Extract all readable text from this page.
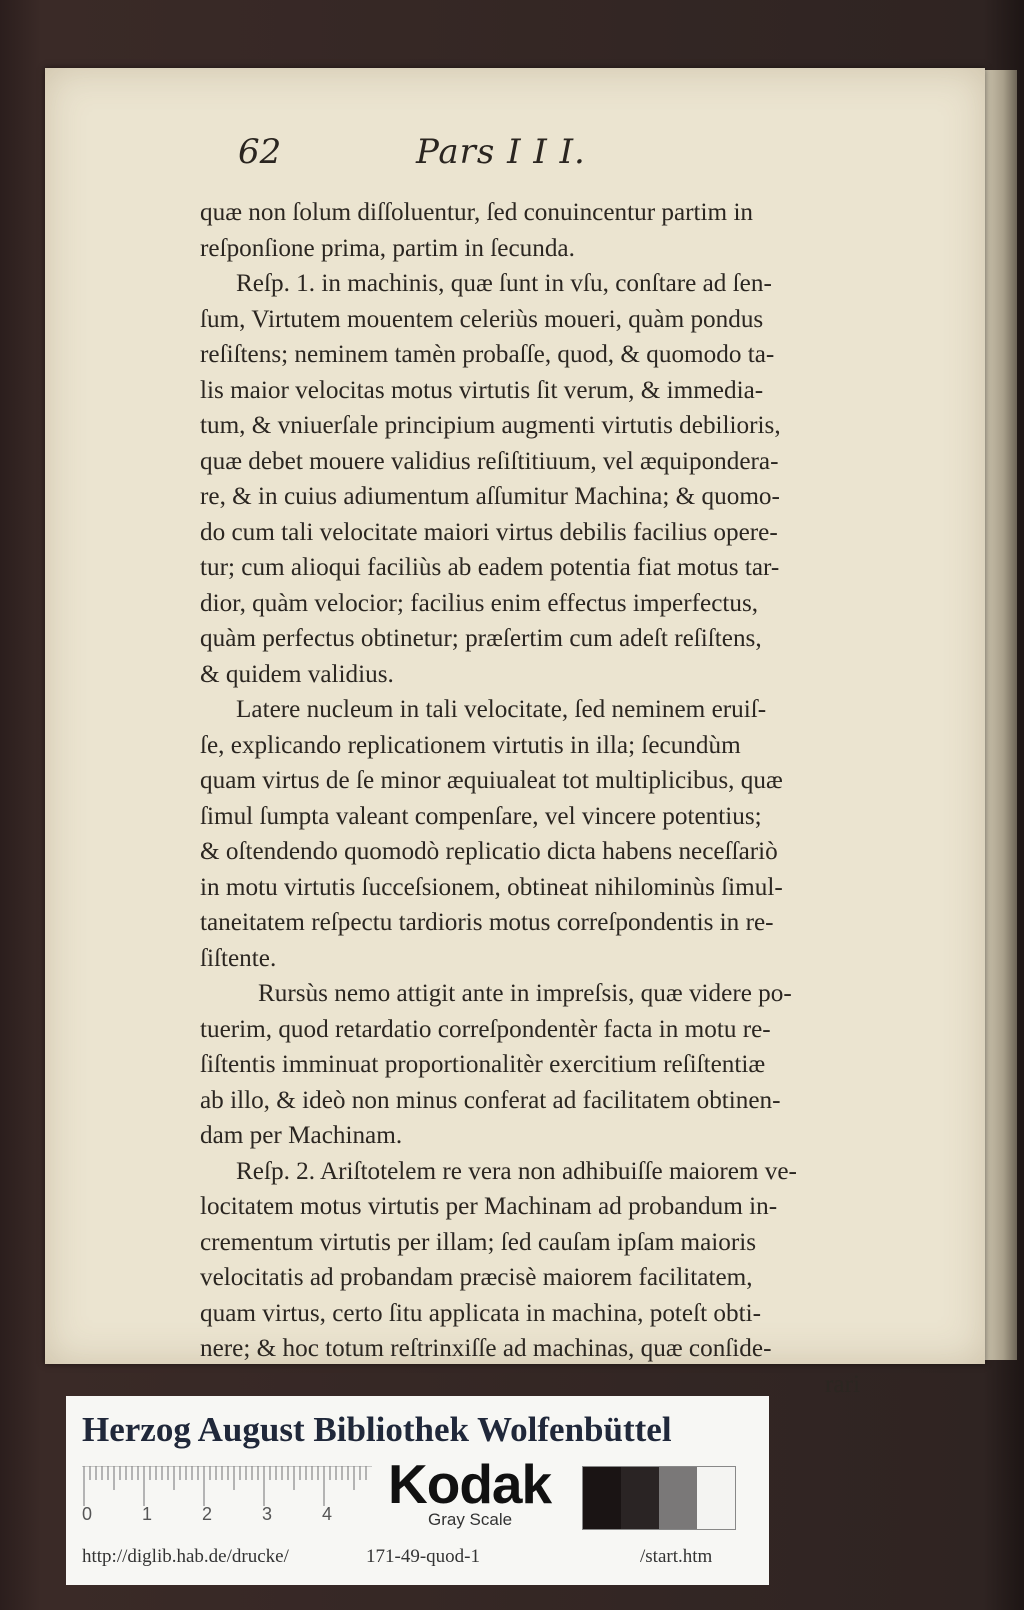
62	Pars I I I.
quæ non ſolum diſſoluentur, ſed conuincentur partim in
reſponſione prima, partim in ſecunda.
Reſp. 1. in machinis, quæ ſunt in vſu, conſtare ad ſen-
ſum, Virtutem mouentem celeriùs moueri, quàm pondus
reſiſtens; neminem tamèn probaſſe, quod, & quomodo ta-
lis maior velocitas motus virtutis ſit verum, & immedia-
tum, & vniuerſale principium augmenti virtutis debilioris,
quæ debet mouere validius reſiſtitiuum, vel æquipondera-
re, & in cuius adiumentum aſſumitur Machina; & quomo-
do cum tali velocitate maiori virtus debilis facilius opere-
tur; cum alioqui faciliùs ab eadem potentia fiat motus tar-
dior, quàm velocior; facilius enim effectus imperfectus,
quàm perfectus obtinetur; præſertim cum adeſt reſiſtens,
& quidem validius.
Latere nucleum in tali velocitate, ſed neminem eruiſ-
ſe, explicando replicationem virtutis in illa; ſecundùm
quam virtus de ſe minor æquiualeat tot multiplicibus, quæ
ſimul ſumpta valeant compenſare, vel vincere potentius;
& oſtendendo quomodò replicatio dicta habens neceſſariò
in motu virtutis ſucceſsionem, obtineat nihilominùs ſimul-
taneitatem reſpectu tardioris motus correſpondentis in re-
ſiſtente.
Rursùs nemo attigit ante in impreſsis, quæ videre po-
tuerim, quod retardatio correſpondentèr facta in motu re-
ſiſtentis imminuat proportionalitèr exercitium reſiſtentiæ
ab illo, & ideò non minus conferat ad facilitatem obtinen-
dam per Machinam.
Reſp. 2. Ariſtotelem re vera non adhibuiſſe maiorem ve-
locitatem motus virtutis per Machinam ad probandum in-
crementum virtutis per illam; ſed cauſam ipſam maioris
velocitatis ad probandam præcisè maiorem facilitatem,
quam virtus, certo ſitu applicata in machina, poteſt obti-
nere; & hoc totum reſtrinxiſſe ad machinas, quæ conſide-
rari
Herzog August Bibliothek Wolfenbüttel
0	1	2	3	4 Kodak
Gray Scale
http://diglib.hab.de/drucke/	171-49-quod-1	/start.htm
